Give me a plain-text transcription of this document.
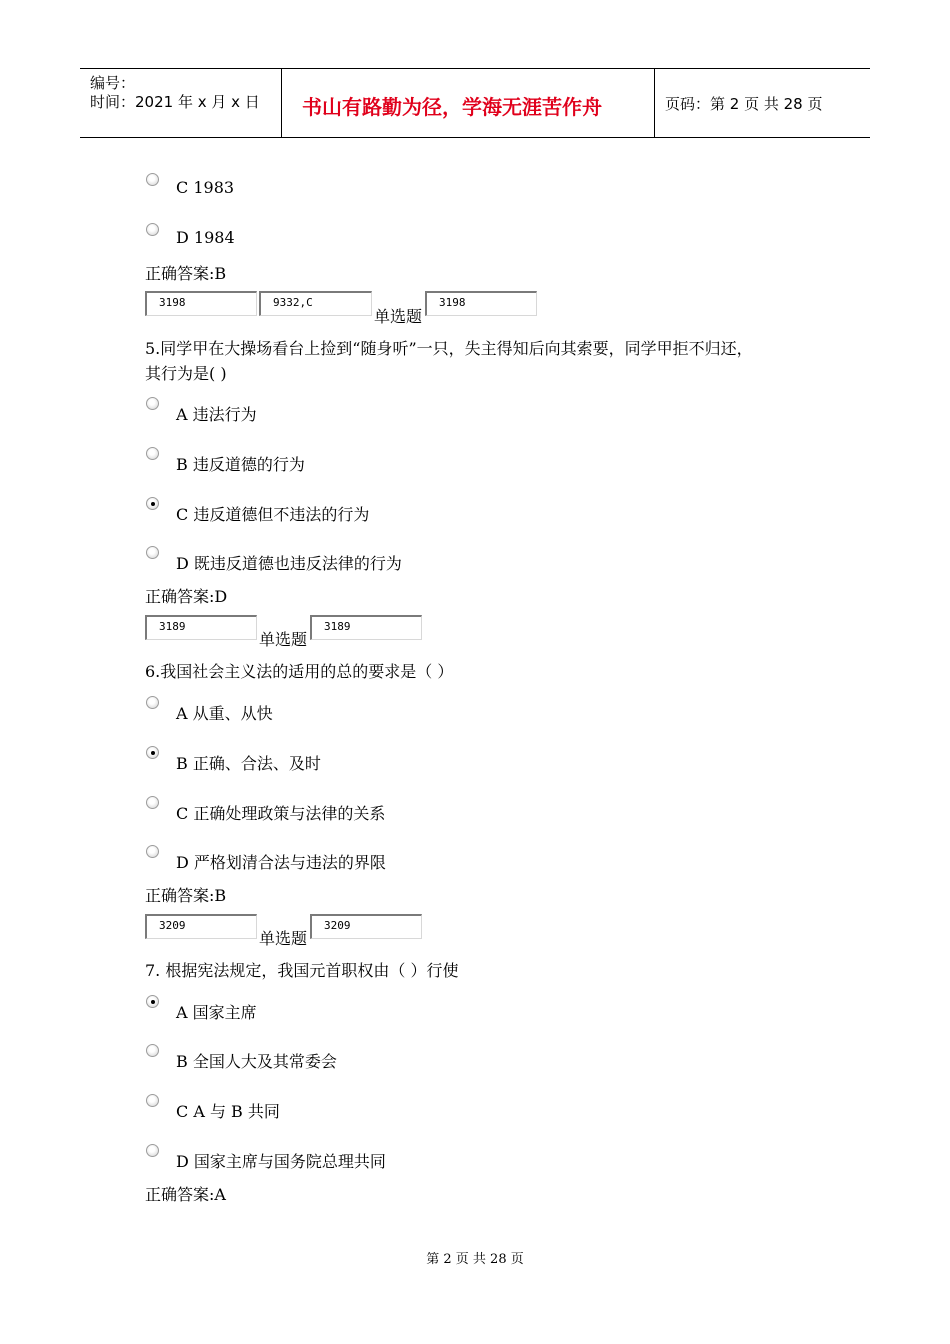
编号：
时间：2021 年 x 月 x 日 书山有路勤为径，学海无涯苦作舟	页码：第 2 页 共 28 页
C 1983
D 1984
正确答案:B
3198	9332,C
单选题
3198
5.同学甲在大操场看台上捡到“随身听”一只，失主得知后向其索要，同学甲拒不归还，
其行为是( )
A 违法行为
B 违反道德的行为
C 违反道德但不违法的行为
D 既违反道德也违反法律的行为
正确答案:D
3189
单选题
3189
6.我国社会主义法的适用的总的要求是（ ）
A 从重、从快
B 正确、合法、及时
C 正确处理政策与法律的关系
D 严格划清合法与违法的界限
正确答案:B
3209
单选题
3209
7. 根据宪法规定，我国元首职权由（ ）行使
A 国家主席
B 全国人大及其常委会
C A 与 B 共同
D 国家主席与国务院总理共同
正确答案:A
第 2 页 共 28 页
